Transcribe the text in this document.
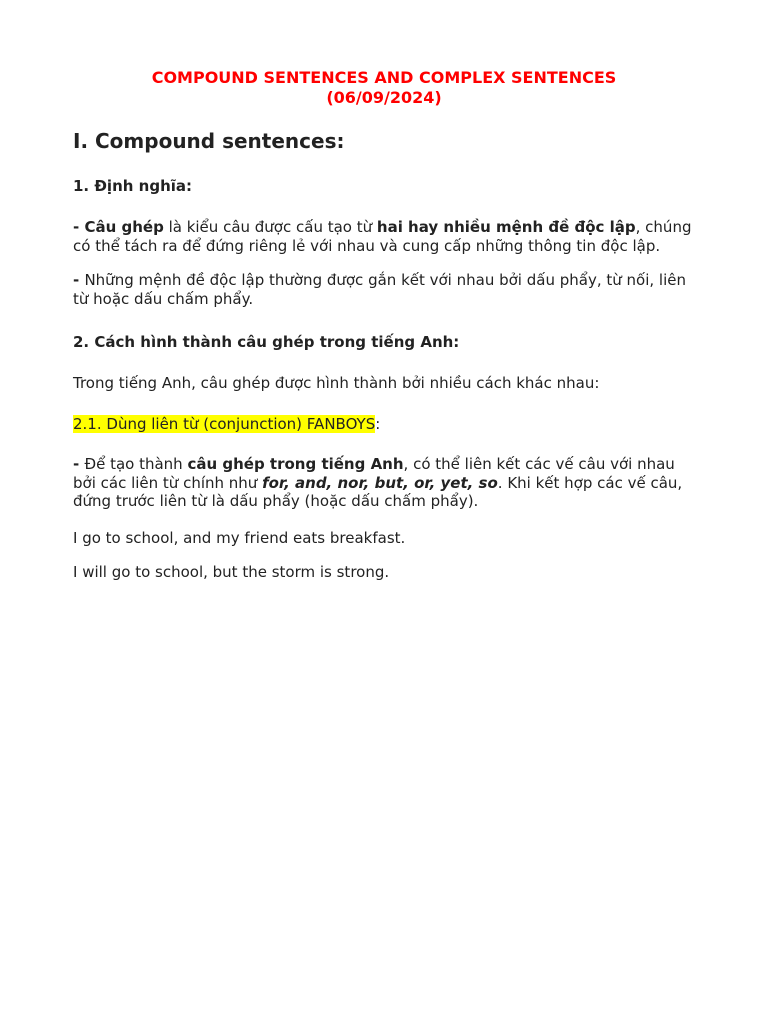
COMPOUND SENTENCES AND COMPLEX SENTENCES
(06/09/2024)
I. Compound sentences:
1. Định nghĩa:

- Câu ghép là kiểu câu được cấu tạo từ hai hay nhiều mệnh đề độc lập, chúng có thể tách ra để đứng riêng lẻ với nhau và cung cấp những thông tin độc lập.

- Những mệnh đề độc lập thường được gắn kết với nhau bởi dấu phẩy, từ nối, liên từ hoặc dấu chấm phẩy.

2. Cách hình thành câu ghép trong tiếng Anh:

Trong tiếng Anh, câu ghép được hình thành bởi nhiều cách khác nhau:

2.1. Dùng liên từ (conjunction) FANBOYS:

- Để tạo thành câu ghép trong tiếng Anh, có thể liên kết các vế câu với nhau bởi các liên từ chính như for, and, nor, but, or, yet, so. Khi kết hợp các vế câu, đứng trước liên từ là dấu phẩy (hoặc dấu chấm phẩy).

I go to school, and my friend eats breakfast.

I will go to school, but the storm is strong.
